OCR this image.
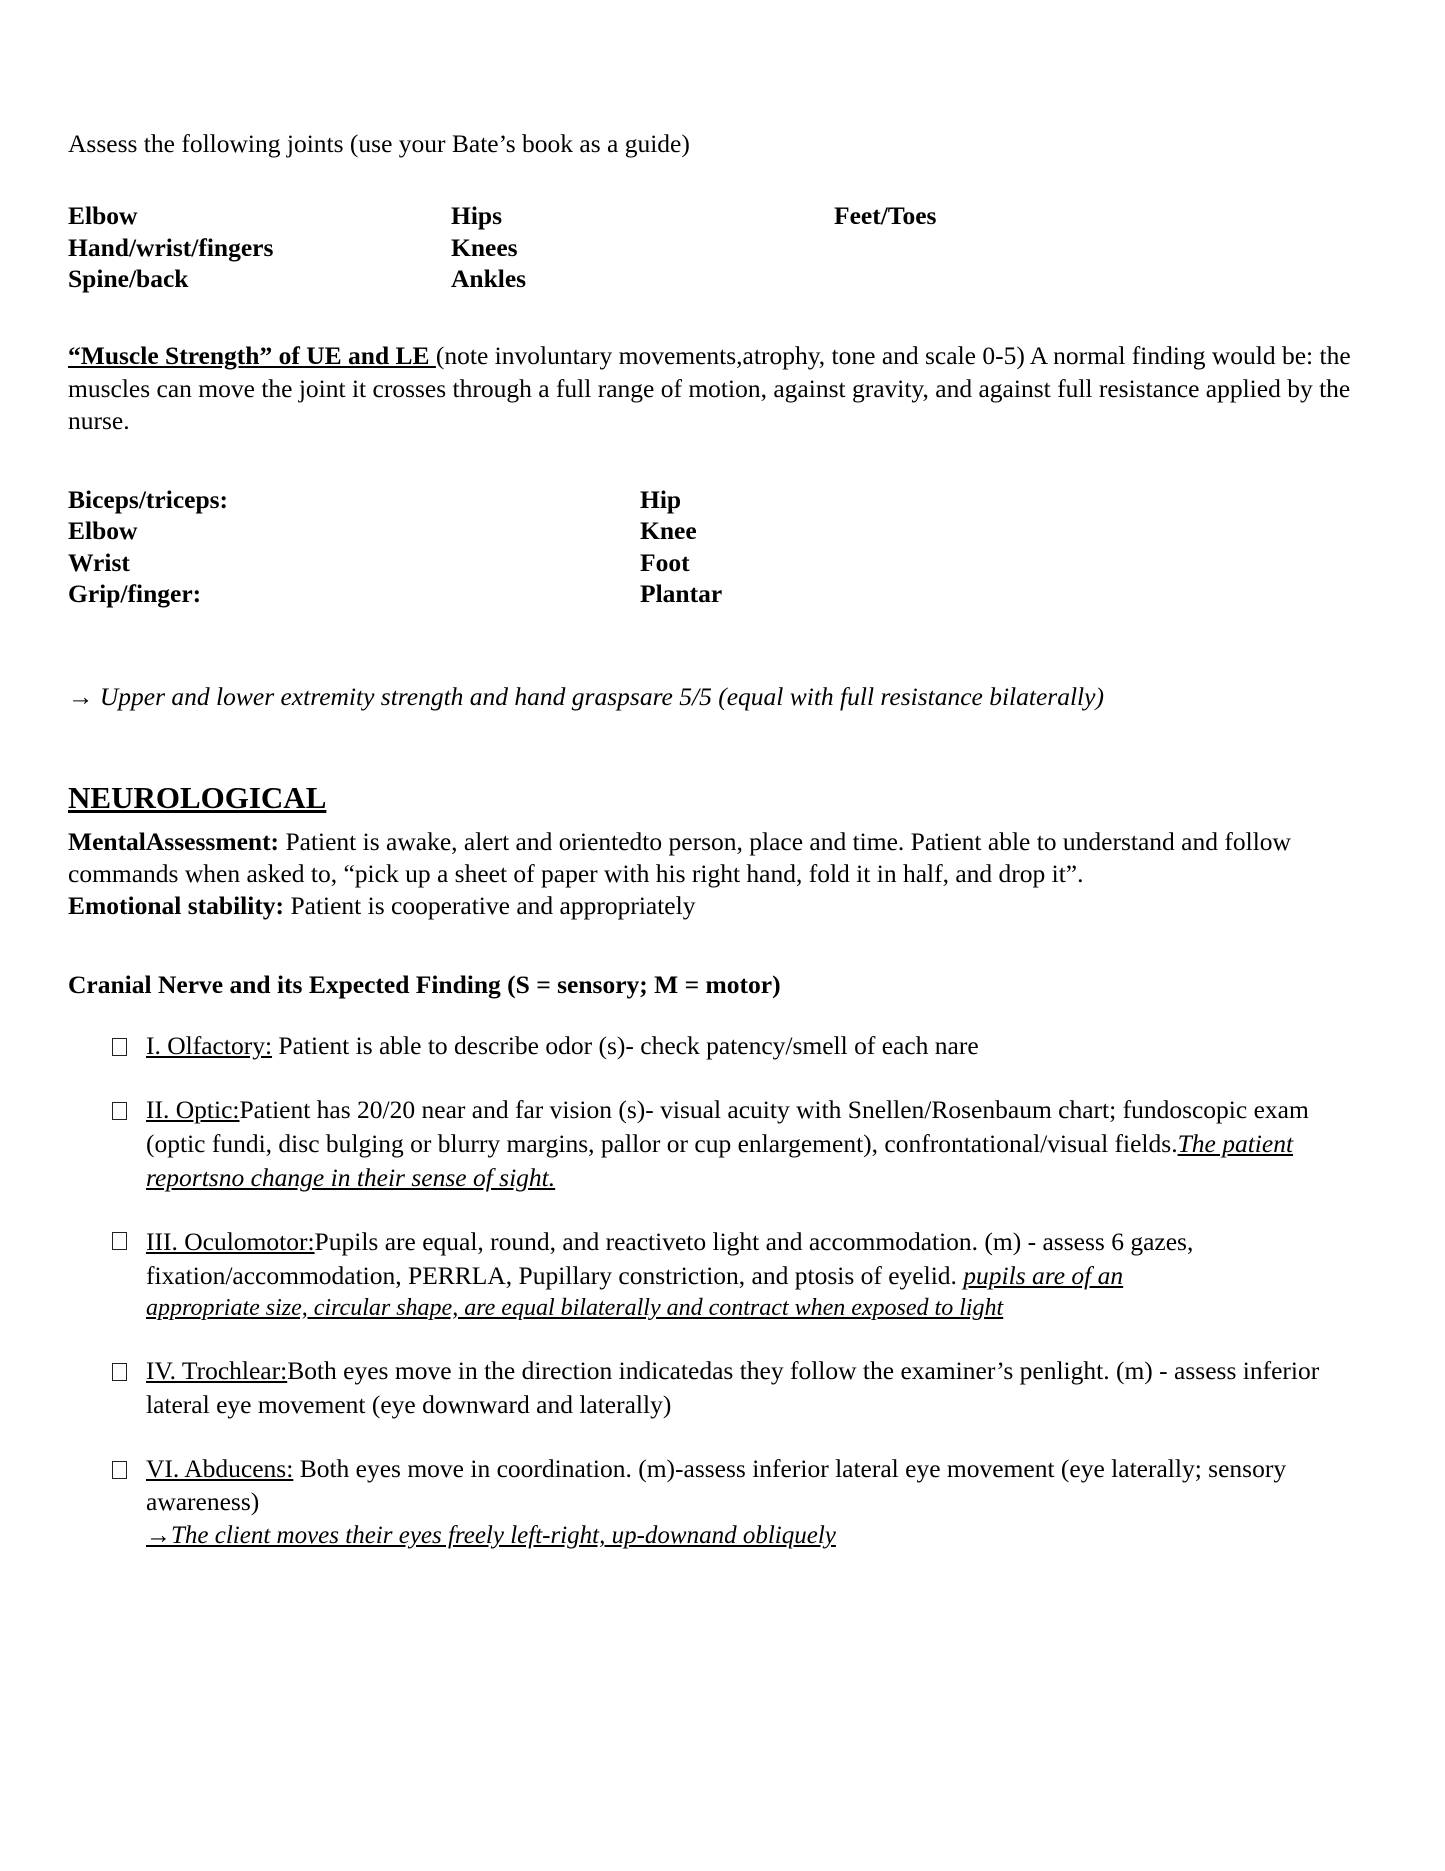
Assess the following joints (use your Bate’s book as a guide)

Elbow	Hips	Feet/Toes
Hand/wrist/fingers	Knees
Spine/back	Ankles

“Muscle Strength” of UE and LE (note involuntary movements,atrophy, tone and scale 0-5) A normal finding would be: the muscles can move the joint it crosses through a full range of motion, against gravity, and against full resistance applied by the nurse.

Biceps/triceps:	Hip
Elbow	Knee
Wrist	Foot
Grip/finger:	Plantar

→ Upper and lower extremity strength and hand graspsare 5/5 (equal with full resistance bilaterally)

NEUROLOGICAL

MentalAssessment: Patient is awake, alert and orientedto person, place and time. Patient able to understand and follow commands when asked to, “pick up a sheet of paper with his right hand, fold it in half, and drop it”.

Emotional stability: Patient is cooperative and appropriately

Cranial Nerve and its Expected Finding (S = sensory; M = motor)

I. Olfactory: Patient is able to describe odor (s)- check patency/smell of each nare
II. Optic:Patient has 20/20 near and far vision (s)- visual acuity with Snellen/Rosenbaum chart; fundoscopic exam (optic fundi, disc bulging or blurry margins, pallor or cup enlargement), confrontational/visual fields.The patient reportsno change in their sense of sight.
III. Oculomotor:Pupils are equal, round, and reactiveto light and accommodation. (m) - assess 6 gazes, fixation/accommodation, PERRLA, Pupillary constriction, and ptosis of eyelid. pupils are of an
appropriate size, circular shape, are equal bilaterally and contract when exposed to light
IV. Trochlear:Both eyes move in the direction indicatedas they follow the examiner’s penlight. (m) - assess inferior lateral eye movement (eye downward and laterally)
VI. Abducens: Both eyes move in coordination. (m)-assess inferior lateral eye movement (eye laterally; sensory awareness)
→The client moves their eyes freely left-right, up-downand obliquely
